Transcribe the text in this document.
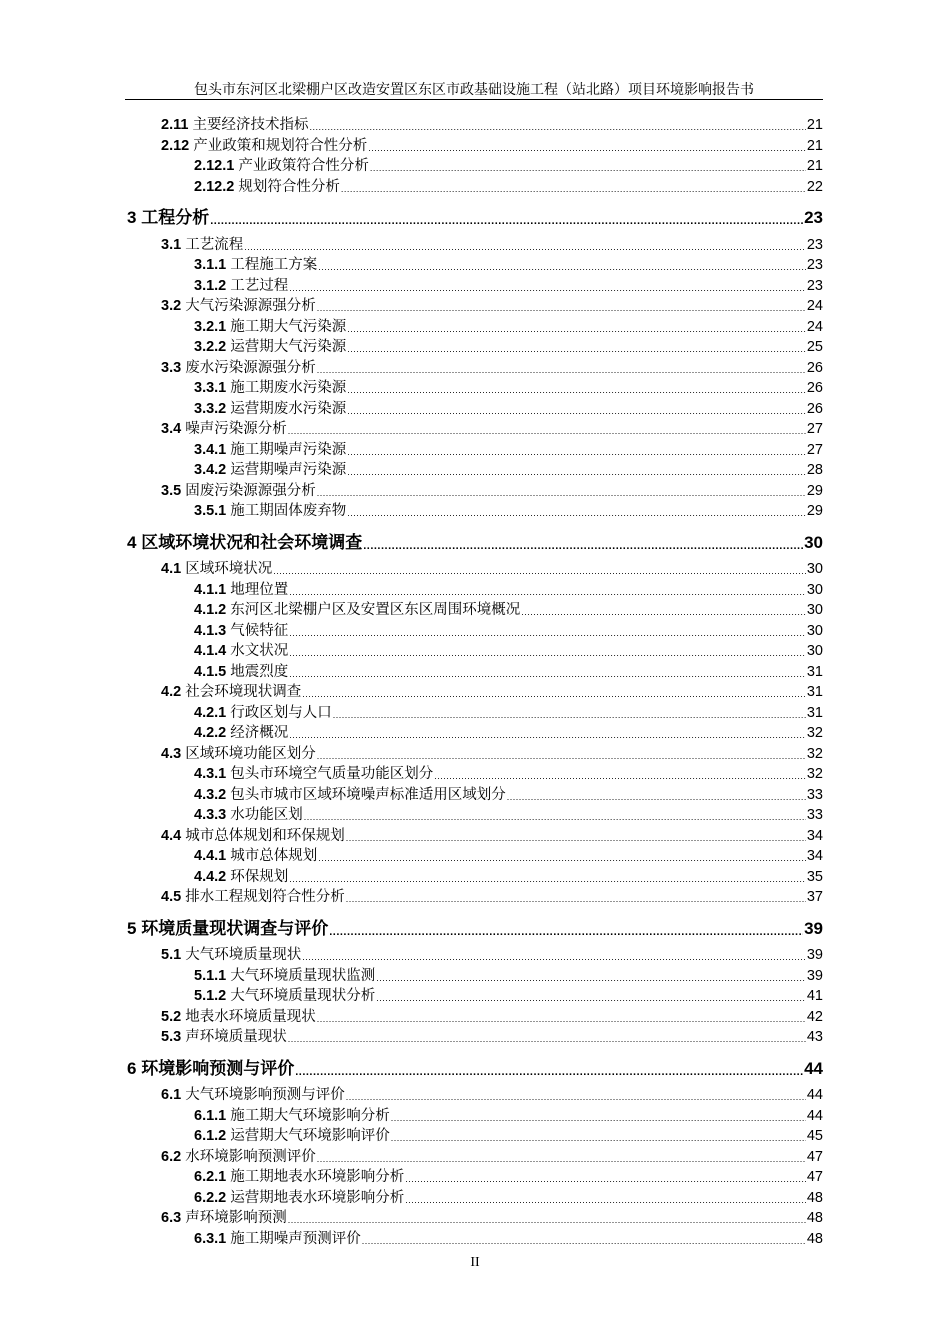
包头市东河区北梁棚户区改造安置区东区市政基础设施工程（站北路）项目环境影响报告书
2.11 主要经济技术指标 .....	21
2.12 产业政策和规划符合性分析 .....	21
2.12.1 产业政策符合性分析 .....	21
2.12.2 规划符合性分析 .....	22
3 工程分析 .....	23
3.1 工艺流程 .....	23
3.1.1 工程施工方案 .....	23
3.1.2 工艺过程 .....	23
3.2 大气污染源源强分析 .....	24
3.2.1 施工期大气污染源 .....	24
3.2.2 运营期大气污染源 .....	25
3.3 废水污染源源强分析 .....	26
3.3.1 施工期废水污染源 .....	26
3.3.2 运营期废水污染源 .....	26
3.4 噪声污染源分析 .....	27
3.4.1 施工期噪声污染源 .....	27
3.4.2 运营期噪声污染源 .....	28
3.5 固废污染源源强分析 .....	29
3.5.1 施工期固体废弃物 .....	29
4 区域环境状况和社会环境调查 .....	30
4.1 区域环境状况 .....	30
4.1.1 地理位置 .....	30
4.1.2 东河区北梁棚户区及安置区东区周围环境概况 .....	30
4.1.3 气候特征 .....	30
4.1.4 水文状况 .....	30
4.1.5 地震烈度 .....	31
4.2 社会环境现状调查 .....	31
4.2.1 行政区划与人口 .....	31
4.2.2 经济概况 .....	32
4.3 区域环境功能区划分 .....	32
4.3.1 包头市环境空气质量功能区划分 .....	32
4.3.2 包头市城市区域环境噪声标准适用区域划分 .....	33
4.3.3 水功能区划 .....	33
4.4 城市总体规划和环保规划 .....	34
4.4.1 城市总体规划 .....	34
4.4.2 环保规划 .....	35
4.5 排水工程规划符合性分析 .....	37
5 环境质量现状调查与评价 .....	39
5.1 大气环境质量现状 .....	39
5.1.1 大气环境质量现状监测 .....	39
5.1.2 大气环境质量现状分析 .....	41
5.2 地表水环境质量现状 .....	42
5.3 声环境质量现状 .....	43
6 环境影响预测与评价 .....	44
6.1 大气环境影响预测与评价 .....	44
6.1.1 施工期大气环境影响分析 .....	44
6.1.2 运营期大气环境影响评价 .....	45
6.2 水环境影响预测评价 .....	47
6.2.1 施工期地表水环境影响分析 .....	47
6.2.2 运营期地表水环境影响分析 .....	48
6.3 声环境影响预测 .....	48
6.3.1 施工期噪声预测评价 .....	48
II
